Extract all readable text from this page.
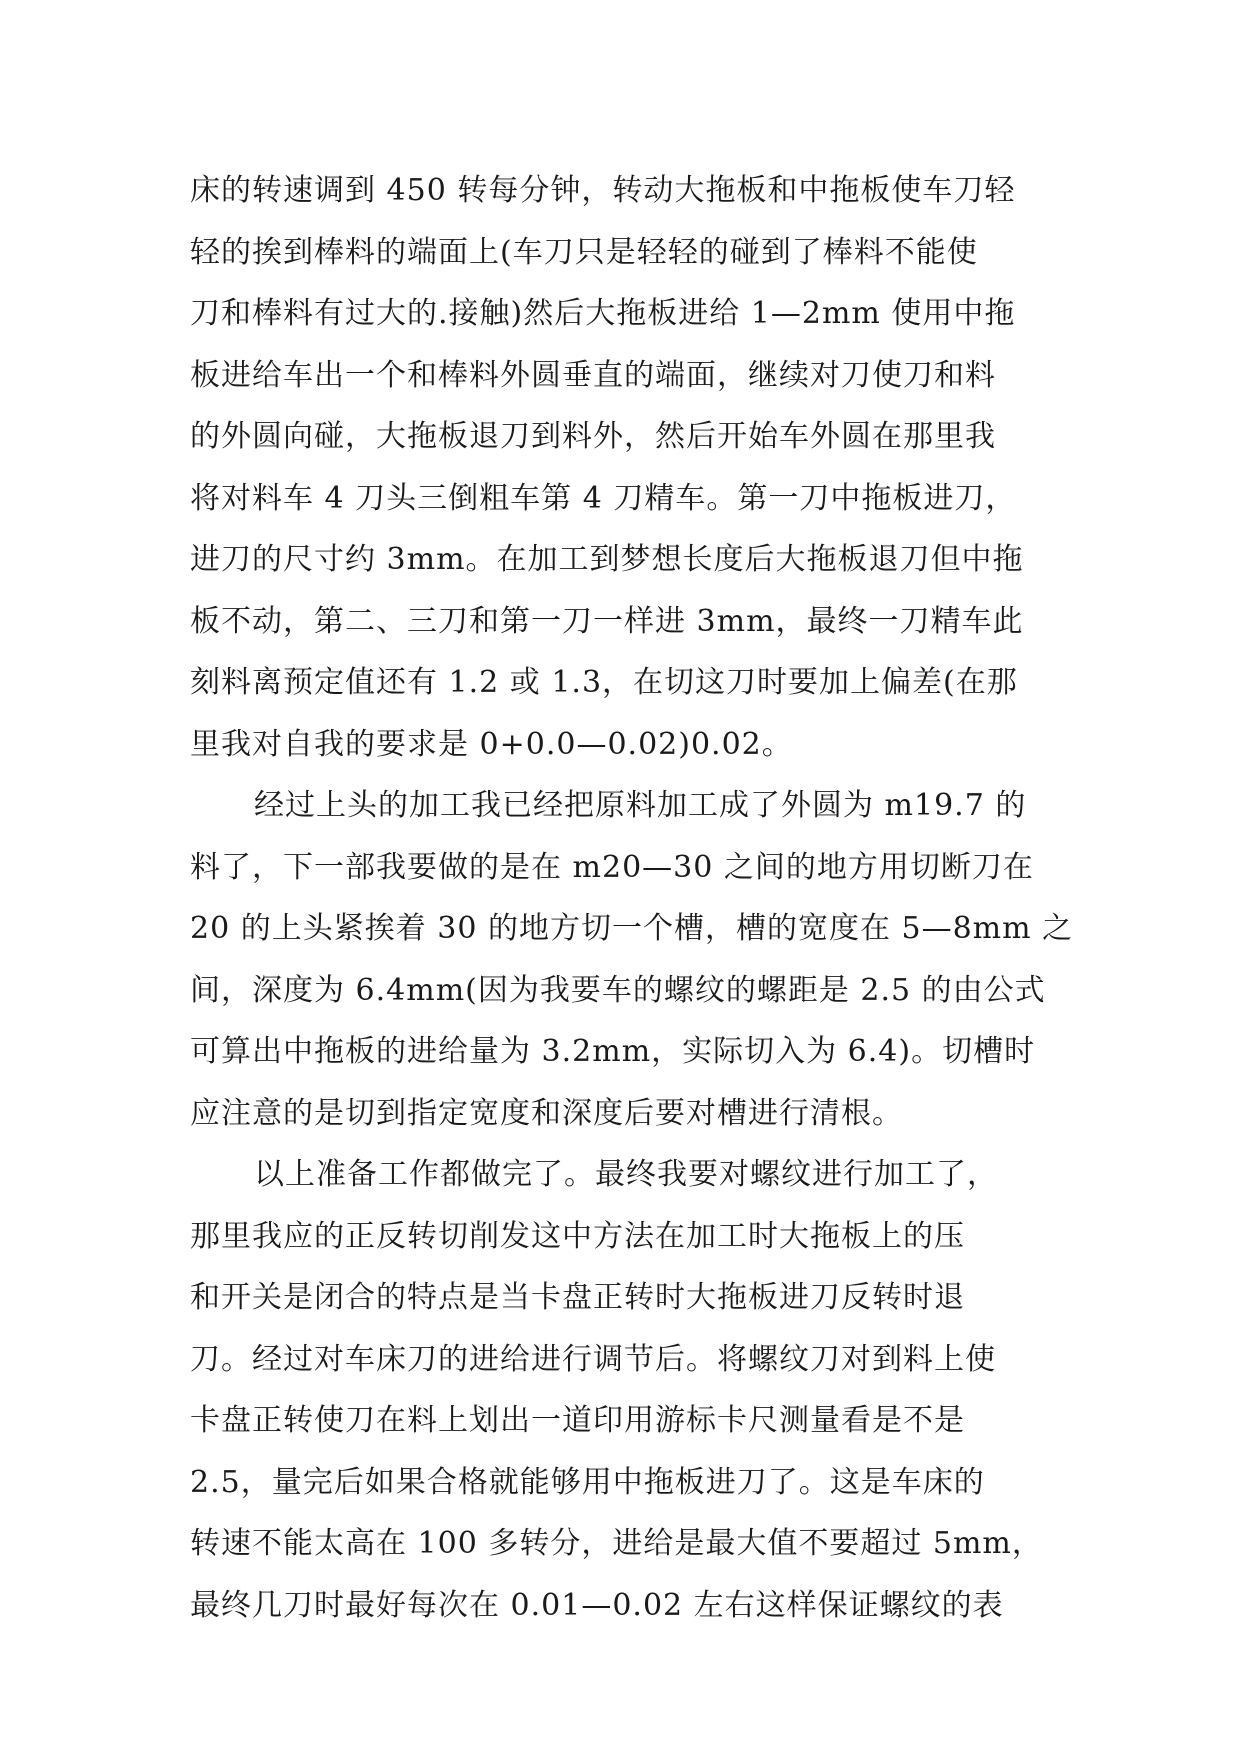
床的转速调到 450 转每分钟，转动大拖板和中拖板使车刀轻
轻的挨到棒料的端面上(车刀只是轻轻的碰到了棒料不能使
刀和棒料有过大的.接触)然后大拖板进给 1—2mm 使用中拖
板进给车出一个和棒料外圆垂直的端面，继续对刀使刀和料
的外圆向碰，大拖板退刀到料外，然后开始车外圆在那里我
将对料车 4 刀头三倒粗车第 4 刀精车。第一刀中拖板进刀，
进刀的尺寸约 3mm。在加工到梦想长度后大拖板退刀但中拖
板不动，第二、三刀和第一刀一样进 3mm，最终一刀精车此
刻料离预定值还有 1.2 或 1.3，在切这刀时要加上偏差(在那
里我对自我的要求是 0+0.0—0.02)0.02。
经过上头的加工我已经把原料加工成了外圆为 m19.7 的
料了，下一部我要做的是在 m20—30 之间的地方用切断刀在
20 的上头紧挨着 30 的地方切一个槽，槽的宽度在 5—8mm 之
间，深度为 6.4mm(因为我要车的螺纹的螺距是 2.5 的由公式
可算出中拖板的进给量为 3.2mm，实际切入为 6.4)。切槽时
应注意的是切到指定宽度和深度后要对槽进行清根。
以上准备工作都做完了。最终我要对螺纹进行加工了，
那里我应的正反转切削发这中方法在加工时大拖板上的压
和开关是闭合的特点是当卡盘正转时大拖板进刀反转时退
刀。经过对车床刀的进给进行调节后。将螺纹刀对到料上使
卡盘正转使刀在料上划出一道印用游标卡尺测量看是不是
2.5，量完后如果合格就能够用中拖板进刀了。这是车床的
转速不能太高在 100 多转分，进给是最大值不要超过 5mm，
最终几刀时最好每次在 0.01—0.02 左右这样保证螺纹的表
